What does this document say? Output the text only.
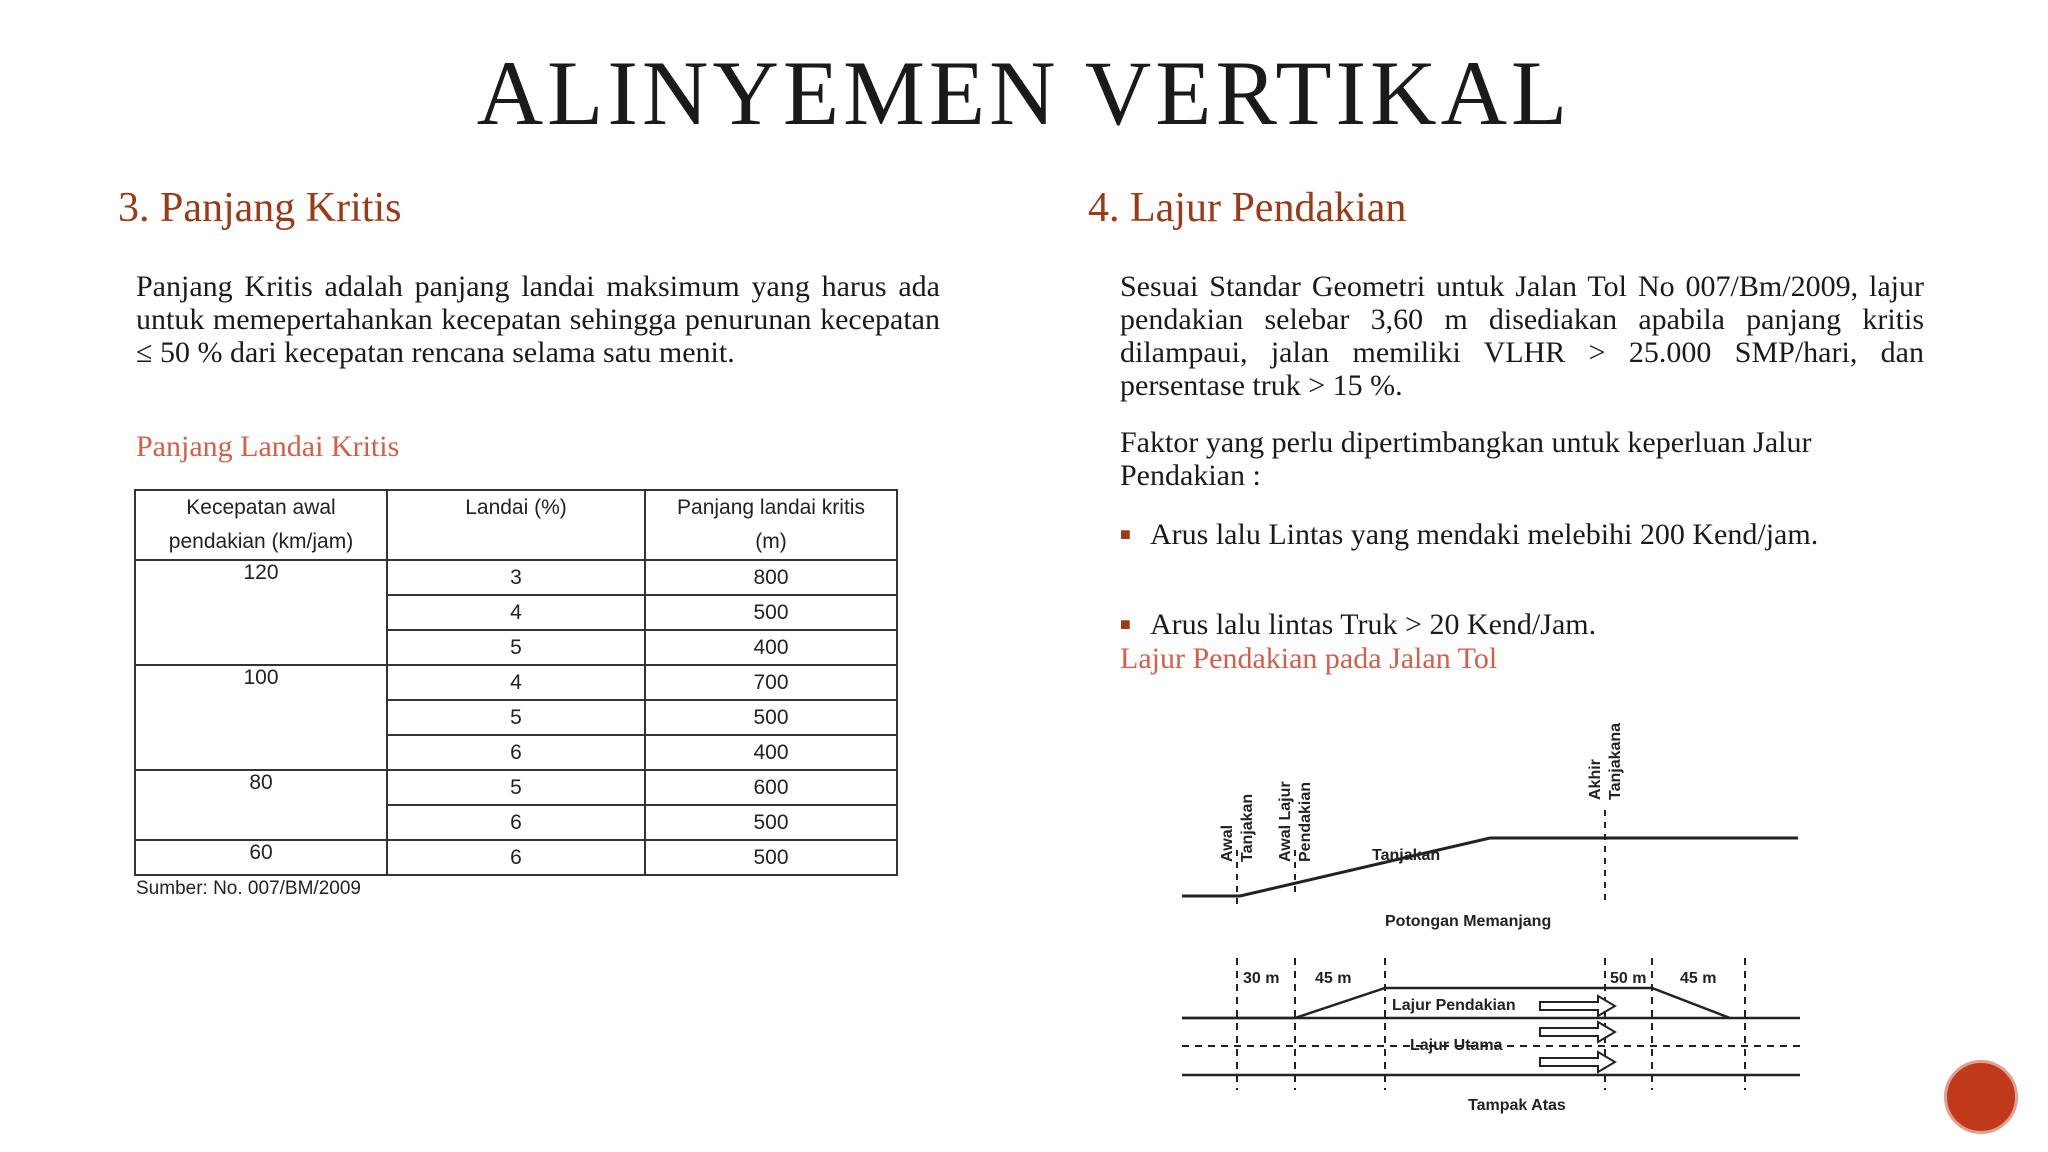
ALINYEMEN VERTIKAL
3. Panjang Kritis
Panjang Kritis adalah panjang landai maksimum yang harus ada untuk memepertahankan kecepatan sehingga penurunan kecepatan ≤ 50 % dari kecepatan rencana selama satu menit.
Panjang Landai Kritis
Kecepatan awal pendakian (km/jam)	Landai (%)	Panjang landai kritis (m)
120	3	800
	4	500
	5	400
100	4	700
	5	500
	6	400
80	5	600
	6	500
60	6	500
Sumber: No. 007/BM/2009
4. Lajur Pendakian
Sesuai Standar Geometri untuk Jalan Tol No 007/Bm/2009, lajur pendakian selebar 3,60 m disediakan apabila panjang kritis dilampaui, jalan memiliki VLHR > 25.000 SMP/hari, dan persentase truk > 15 %.
Faktor yang perlu dipertimbangkan untuk keperluan Jalur Pendakian :
■ Arus lalu Lintas yang mendaki melebihi 200 Kend/jam.
■ Arus lalu lintas Truk > 20 Kend/Jam.
Lajur Pendakian pada Jalan Tol
Awal Tanjakan Awal Lajur Pendakian
Akhir Tanjakana
Tanjakan
Potongan Memanjang
30 m 45 m	50 m 45 m
Lajur Pendakian
Lajur Utama
Tampak Atas
